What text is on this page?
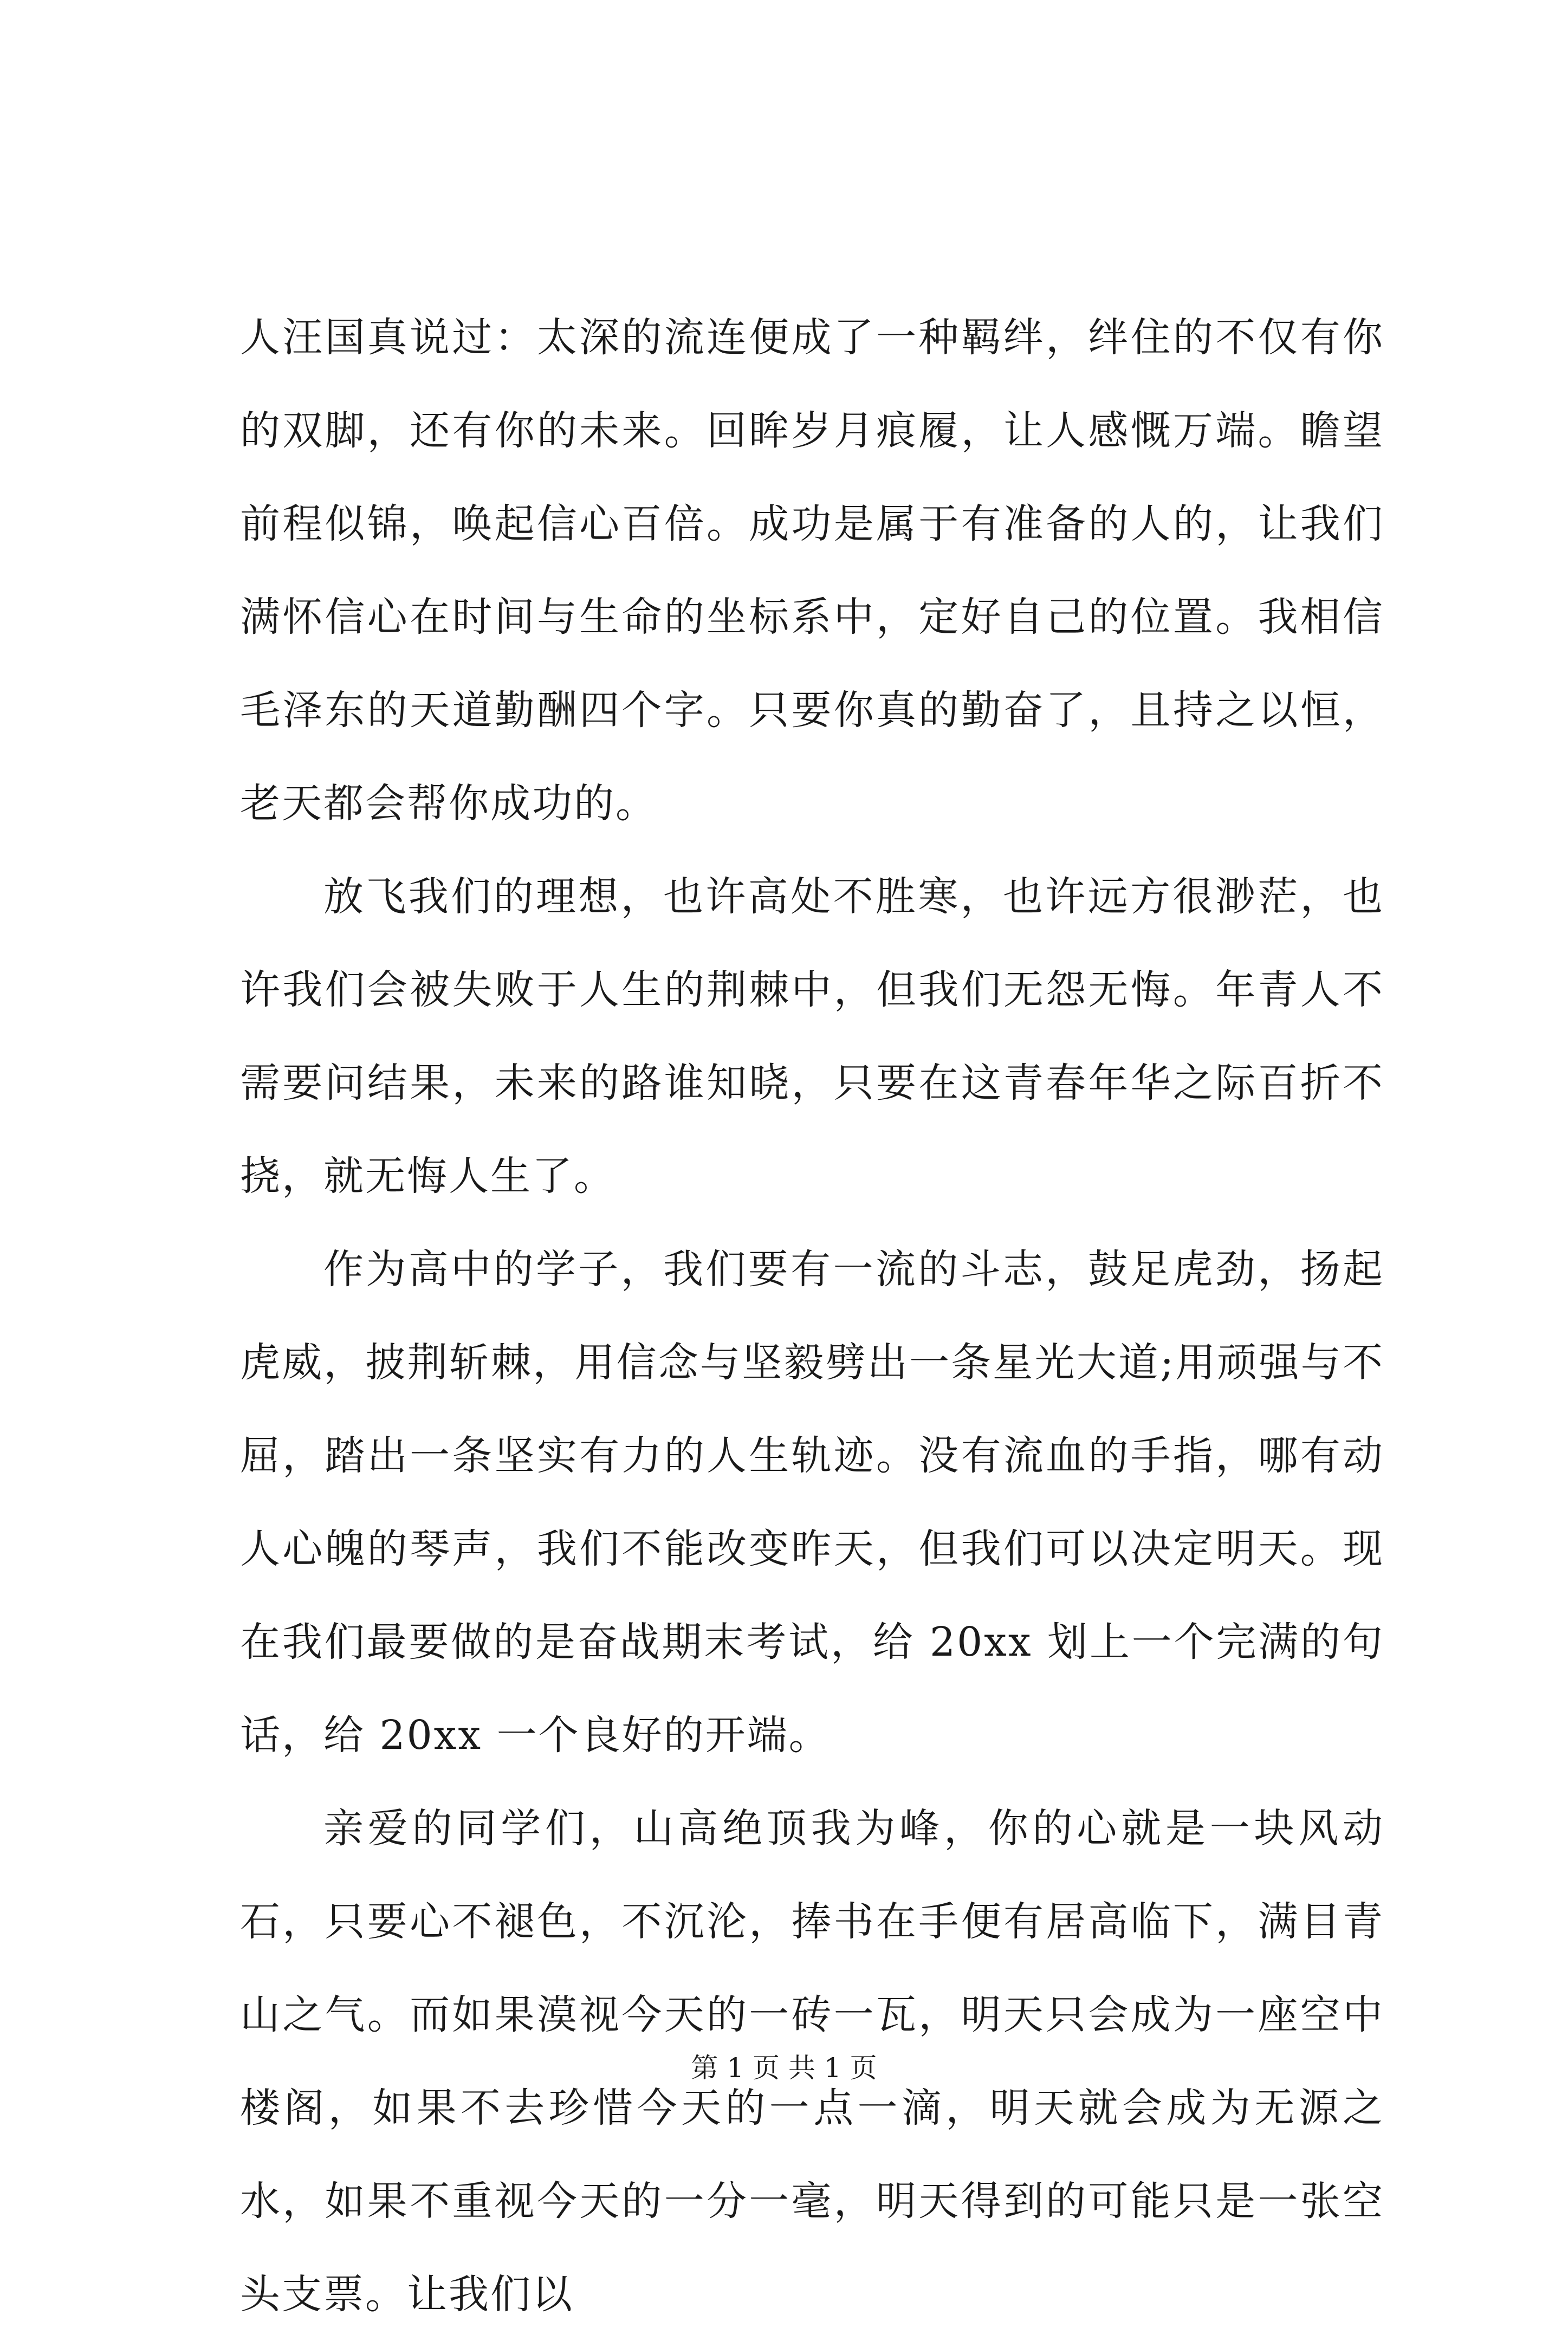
人汪国真说过：太深的流连便成了一种羁绊，绊住的不仅有你的双脚，还有你的未来。回眸岁月痕履，让人感慨万端。瞻望前程似锦，唤起信心百倍。成功是属于有准备的人的，让我们满怀信心在时间与生命的坐标系中，定好自己的位置。我相信毛泽东的天道勤酬四个字。只要你真的勤奋了，且持之以恒，老天都会帮你成功的。

放飞我们的理想，也许高处不胜寒，也许远方很渺茫，也许我们会被失败于人生的荆棘中，但我们无怨无悔。年青人不需要问结果，未来的路谁知晓，只要在这青春年华之际百折不挠，就无悔人生了。

作为高中的学子，我们要有一流的斗志，鼓足虎劲，扬起虎威，披荆斩棘，用信念与坚毅劈出一条星光大道;用顽强与不屈，踏出一条坚实有力的人生轨迹。没有流血的手指，哪有动人心魄的琴声，我们不能改变昨天，但我们可以决定明天。现在我们最要做的是奋战期末考试，给 20xx 划上一个完满的句话，给 20xx 一个良好的开端。

亲爱的同学们，山高绝顶我为峰，你的心就是一块风动石，只要心不褪色，不沉沦，捧书在手便有居高临下，满目青山之气。而如果漠视今天的一砖一瓦，明天只会成为一座空中楼阁，如果不去珍惜今天的一点一滴，明天就会成为无源之水，如果不重视今天的一分一毫，明天得到的可能只是一张空头支票。让我们以

第 1 页 共 1 页
